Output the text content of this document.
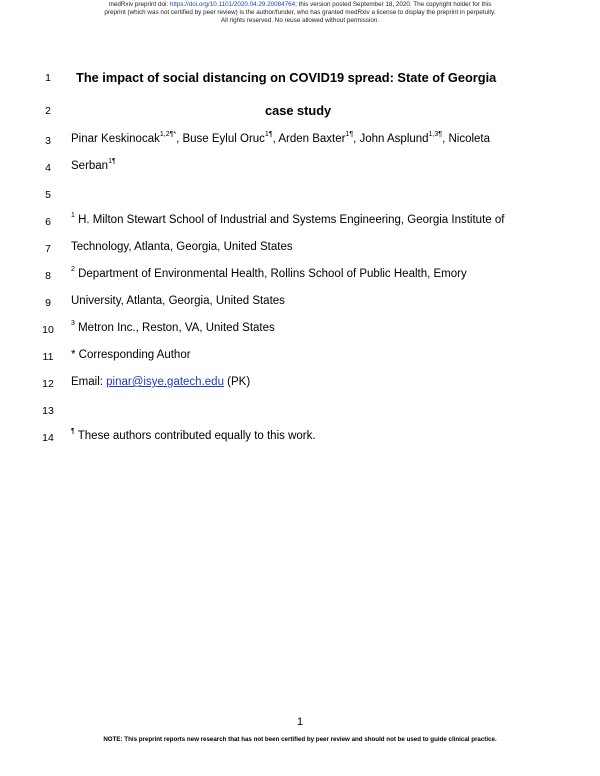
medRxiv preprint doi: https://doi.org/10.1101/2020.04.29.20084764; this version posted September 18, 2020. The copyright holder for this
preprint (which was not certified by peer review) is the author/funder, who has granted medRxiv a license to display the preprint in perpetuity.
All rights reserved. No reuse allowed without permission.
1
2
3
4
5
6
7
8
9
10
11
12
13
14
The impact of social distancing on COVID19 spread: State of Georgia
case study
Pinar Keskinocak$^{1,2\P*}$, Buse Eylul Oruc$^{1\P}$, Arden Baxter$^{1\P}$, John Asplund$^{1,3\P}$, Nicoleta
Serban$^{1\P}$
$^1$ H. Milton Stewart School of Industrial and Systems Engineering, Georgia Institute of
Technology, Atlanta, Georgia, United States
$^2$ Department of Environmental Health, Rollins School of Public Health, Emory
University, Atlanta, Georgia, United States
$^3$ Metron Inc., Reston, VA, United States
* Corresponding Author
Email: pinar@isye.gatech.edu (PK)
¶ These authors contributed equally to this work.
1
NOTE: This preprint reports new research that has not been certified by peer review and should not be used to guide clinical practice.
